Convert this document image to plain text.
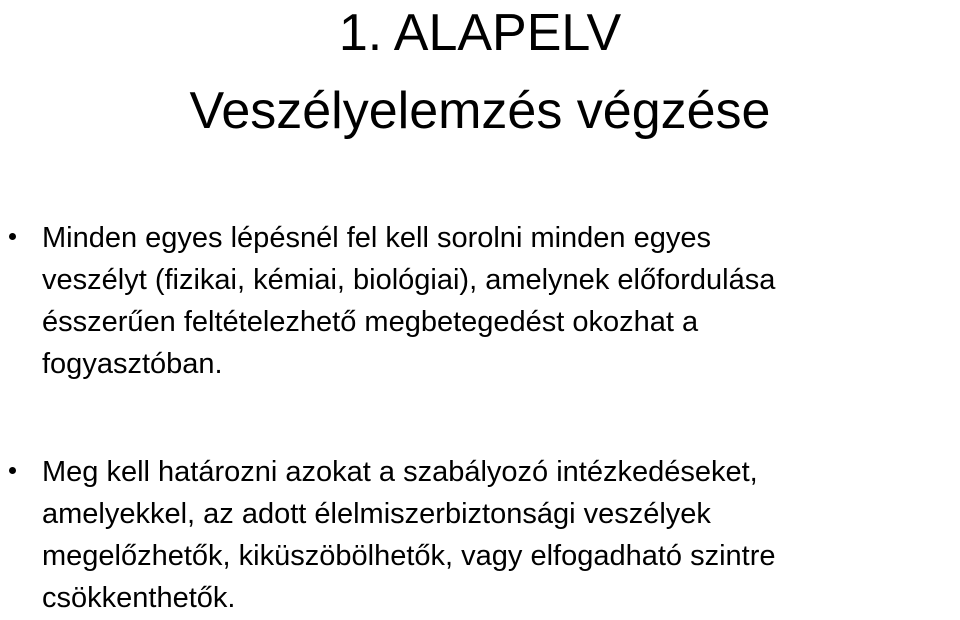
1. ALAPELV
Veszélyelemzés végzése
Minden egyes lépésnél fel kell sorolni minden egyes
veszélyt (fizikai, kémiai, biológiai), amelynek előfordulása
ésszerűen feltételezhető megbetegedést okozhat a
fogyasztóban.
Meg kell határozni azokat a szabályozó intézkedéseket,
amelyekkel, az adott élelmiszerbiztonsági veszélyek
megelőzhetők, kiküszöbölhetők, vagy elfogadható szintre
csökkenthetők.
